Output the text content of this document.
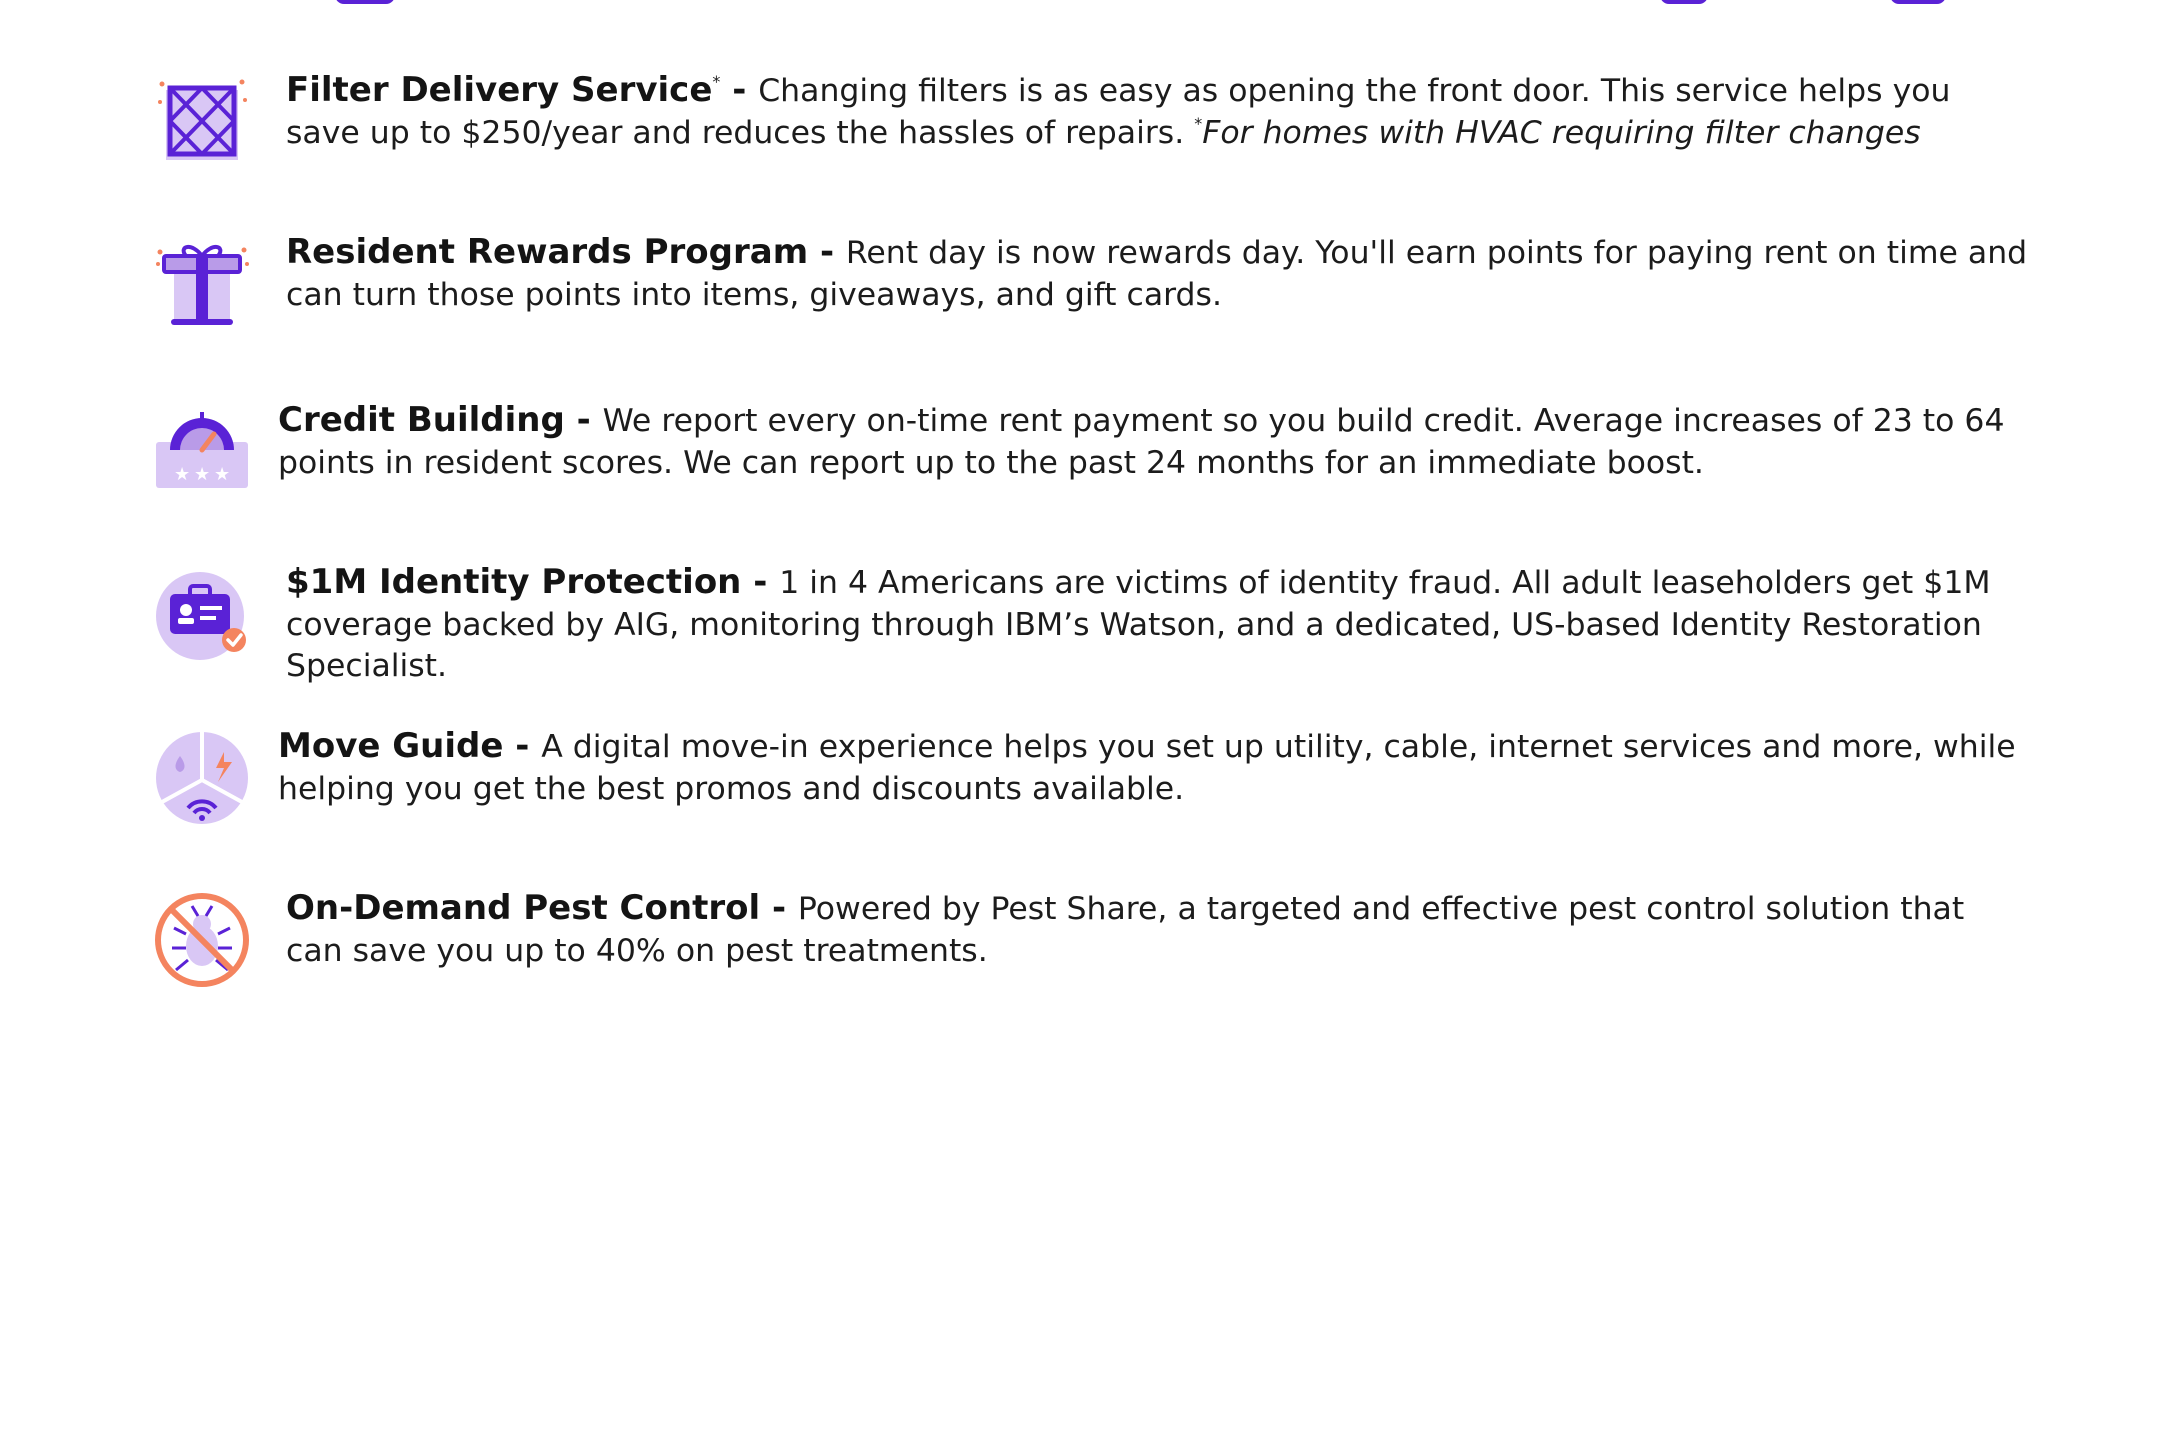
Filter Delivery Service* - Changing filters is as easy as opening the front door. This service helps you save up to $250/year and reduces the hassles of repairs. *For homes with HVAC requiring filter changes
Resident Rewards Program - Rent day is now rewards day. You'll earn points for paying rent on time and can turn those points into items, giveaways, and gift cards.
★ ★ ★
Credit Building - We report every on-time rent payment so you build credit. Average increases of 23 to 64 points in resident scores. We can report up to the past 24 months for an immediate boost.
$1M Identity Protection - 1 in 4 Americans are victims of identity fraud. All adult leaseholders get $1M coverage backed by AIG, monitoring through IBM’s Watson, and a dedicated, US-based Identity Restoration Specialist.
Move Guide - A digital move-in experience helps you set up utility, cable, internet services and more, while helping you get the best promos and discounts available.
On-Demand Pest Control - Powered by Pest Share, a targeted and effective pest control solution that can save you up to 40% on pest treatments.
